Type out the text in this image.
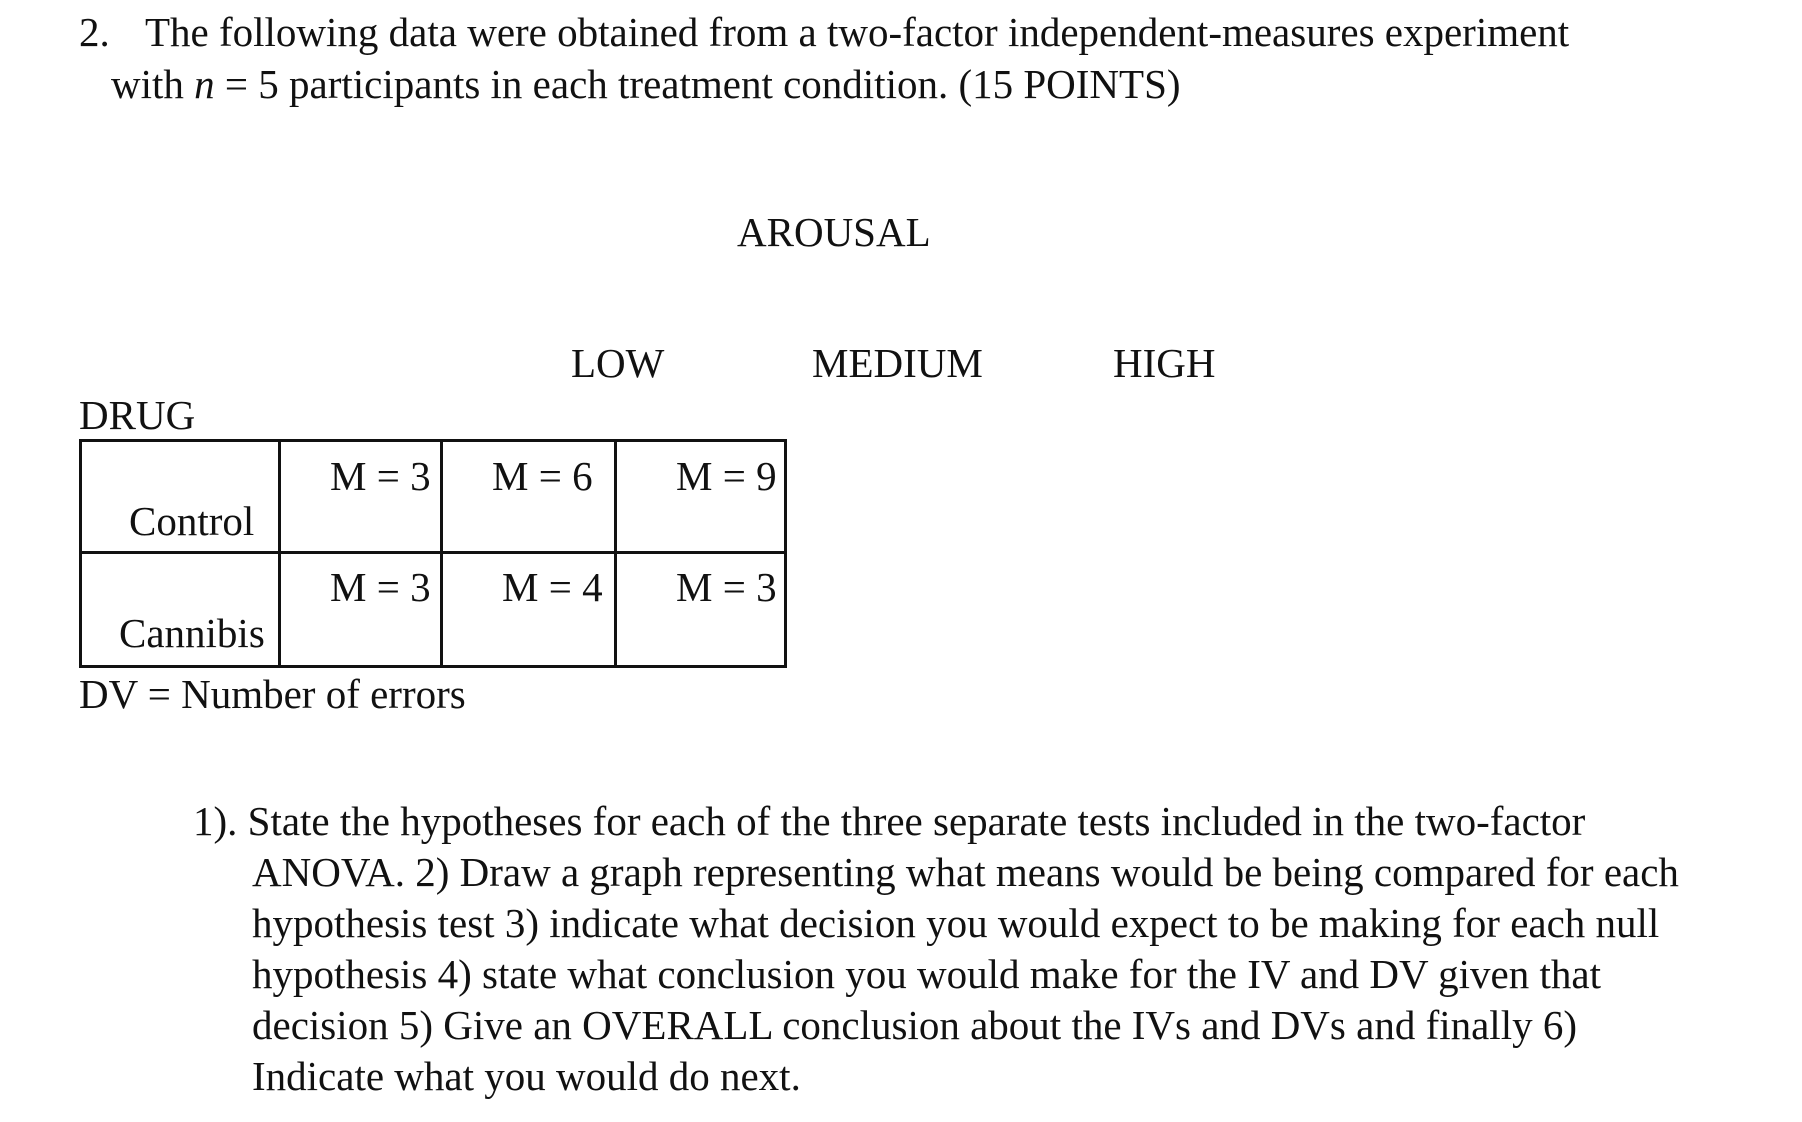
2. The following data were obtained from a two-factor independent-measures experiment
with n = 5 participants in each treatment condition. (15 POINTS)
AROUSAL
LOW	MEDIUM	HIGH
DRUG
Control
M = 3 M = 6 M = 9
Cannibis
M = 3 M = 4 M = 3
DV = Number of errors
1). State the hypotheses for each of the three separate tests included in the two-factor
ANOVA. 2) Draw a graph representing what means would be being compared for each
hypothesis test 3) indicate what decision you would expect to be making for each null
hypothesis 4) state what conclusion you would make for the IV and DV given that
decision 5) Give an OVERALL conclusion about the IVs and DVs and finally 6)
Indicate what you would do next.
